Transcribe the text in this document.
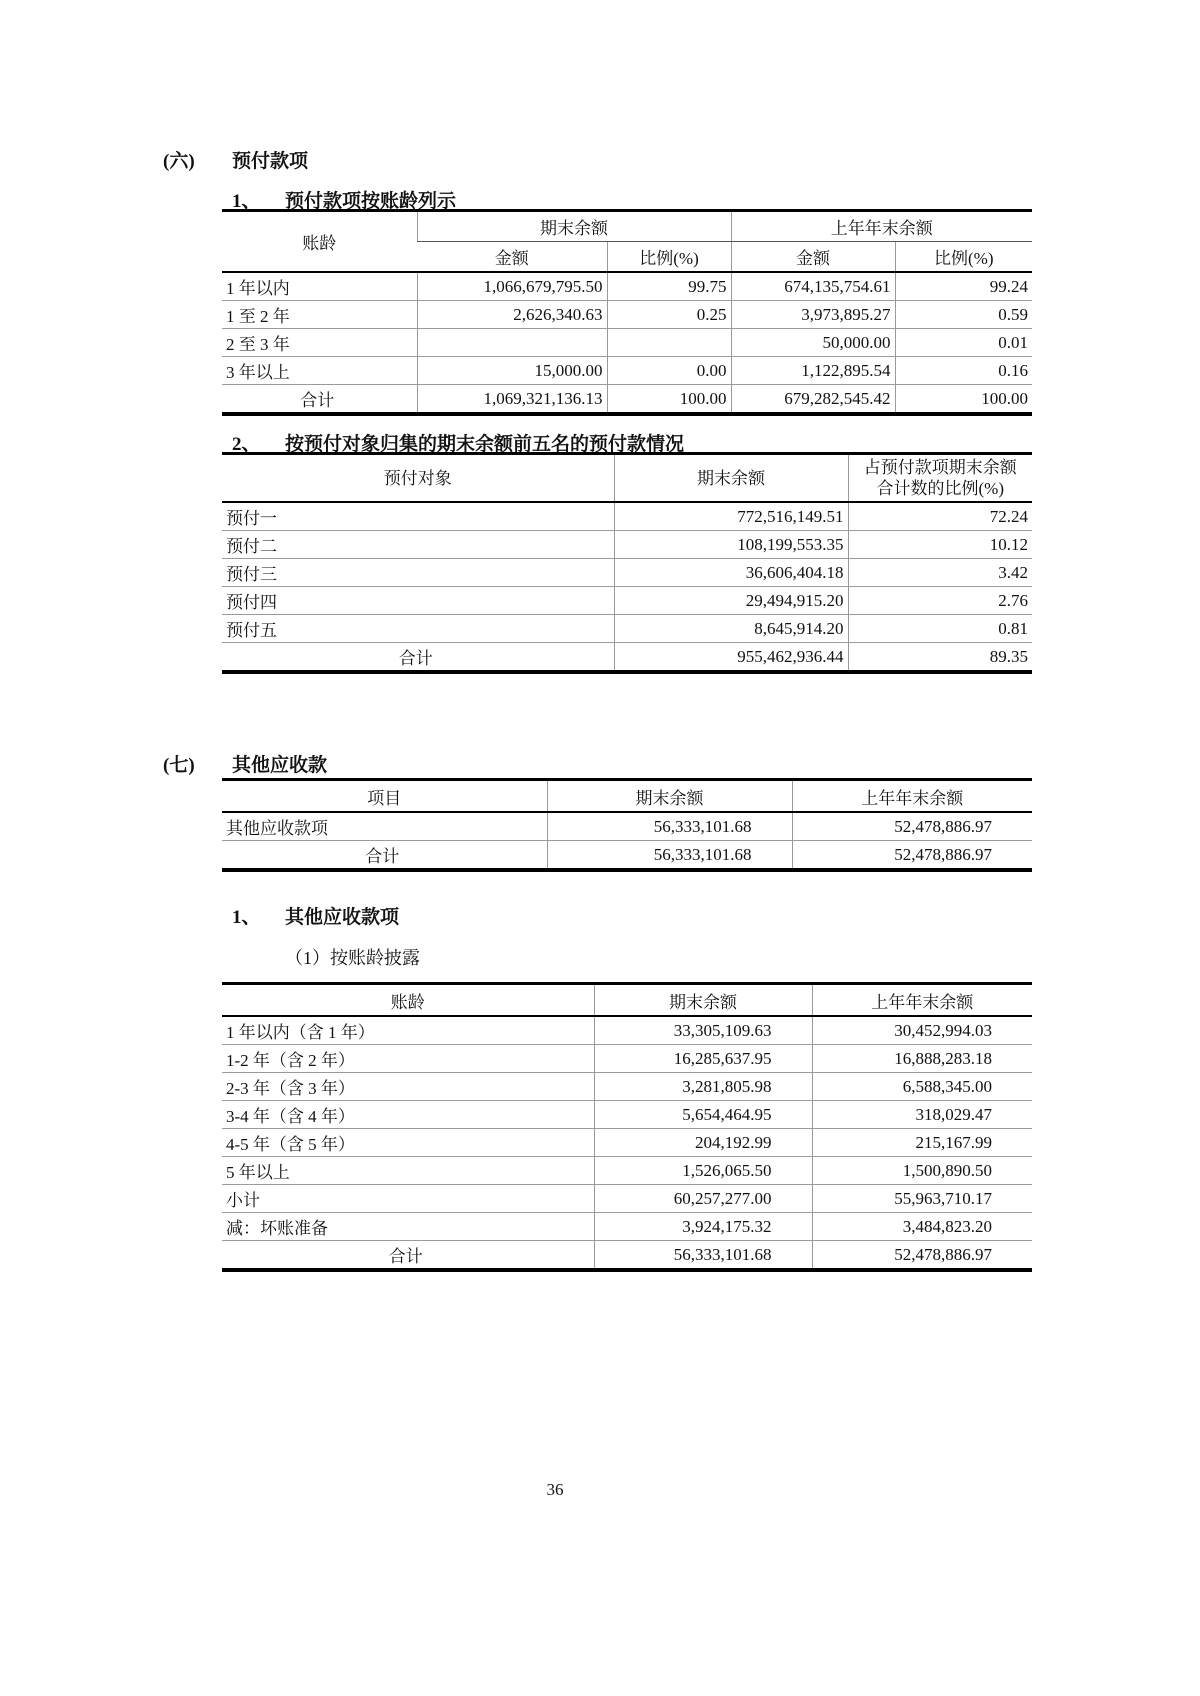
(六) 预付款项
1、 预付款项按账龄列示
账龄	期末余额		上年年末余额	
	金额	比例(%)	金额	比例(%)
1 年以内	1,066,679,795.50	99.75	674,135,754.61	99.24
1 至 2 年	2,626,340.63	0.25	3,973,895.27	0.59
2 至 3 年			50,000.00	0.01
3 年以上	15,000.00	0.00	1,122,895.54	0.16
合计	1,069,321,136.13	100.00	679,282,545.42	100.00
2、 按预付对象归集的期末余额前五名的预付款情况
预付对象	期末余额	占预付款项期末余额合计数的比例(%)
预付一	772,516,149.51	72.24
预付二	108,199,553.35	10.12
预付三	36,606,404.18	3.42
预付四	29,494,915.20	2.76
预付五	8,645,914.20	0.81
合计	955,462,936.44	89.35
(七) 其他应收款
项目	期末余额	上年年末余额
其他应收款项	56,333,101.68	52,478,886.97
合计	56,333,101.68	52,478,886.97
1、 其他应收款项
（1）按账龄披露
账龄	期末余额	上年年末余额
1 年以内（含 1 年）	33,305,109.63	30,452,994.03
1-2 年（含 2 年）	16,285,637.95	16,888,283.18
2-3 年（含 3 年）	3,281,805.98	6,588,345.00
3-4 年（含 4 年）	5,654,464.95	318,029.47
4-5 年（含 5 年）	204,192.99	215,167.99
5 年以上	1,526,065.50	1,500,890.50
小计	60,257,277.00	55,963,710.17
减：坏账准备	3,924,175.32	3,484,823.20
合计	56,333,101.68	52,478,886.97
36
